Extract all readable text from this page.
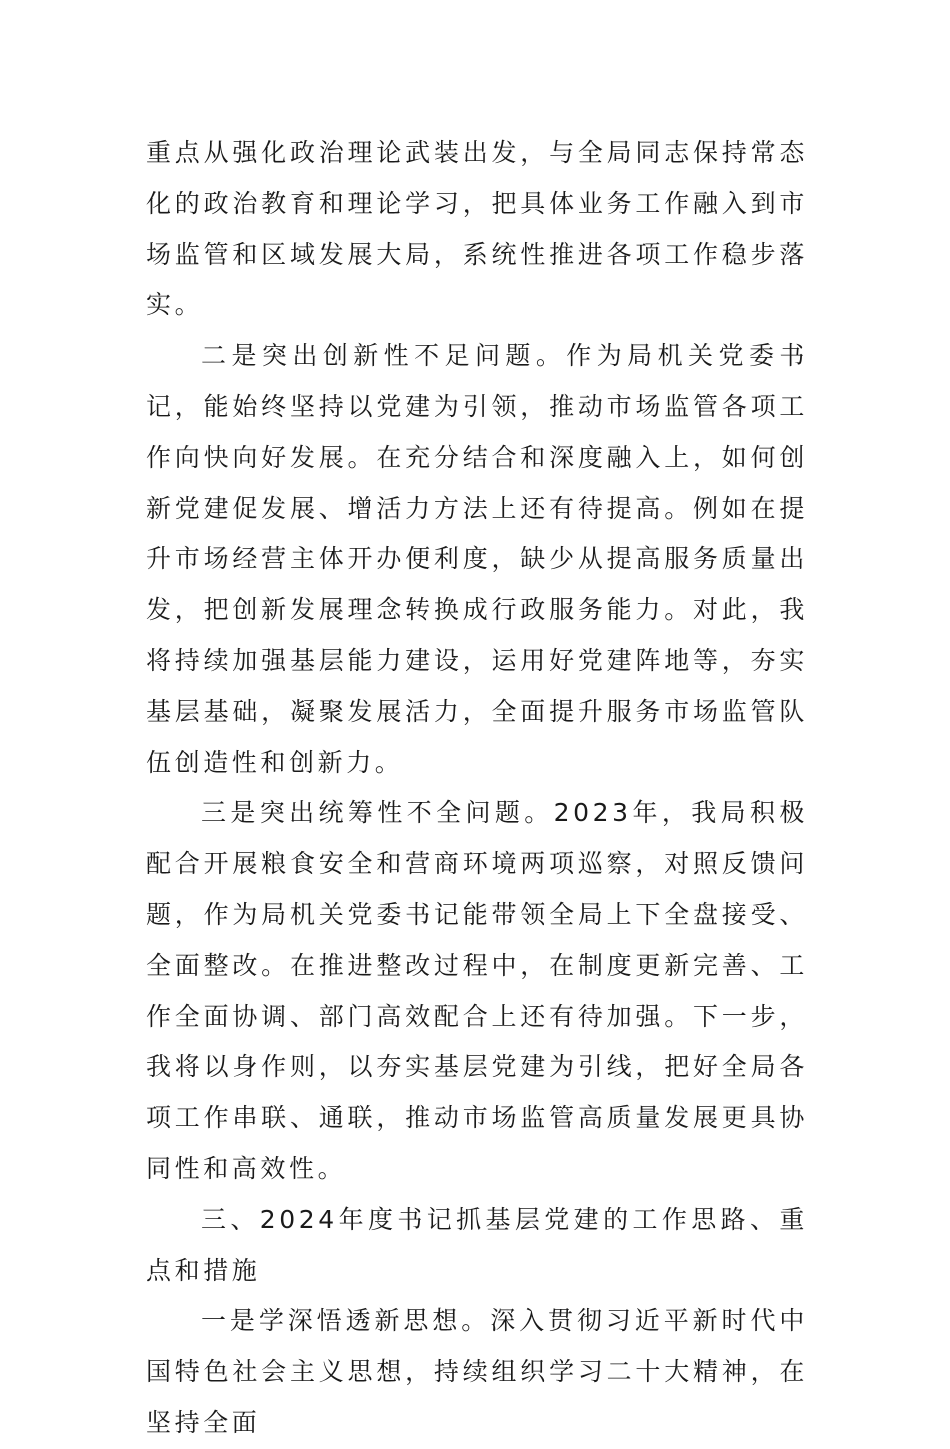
重点从强化政治理论武装出发，与全局同志保持常态化的政治教育和理论学习，把具体业务工作融入到市场监管和区域发展大局，系统性推进各项工作稳步落实。

二是突出创新性不足问题。作为局机关党委书记，能始终坚持以党建为引领，推动市场监管各项工作向快向好发展。在充分结合和深度融入上，如何创新党建促发展、增活力方法上还有待提高。例如在提升市场经营主体开办便利度，缺少从提高服务质量出发，把创新发展理念转换成行政服务能力。对此，我将持续加强基层能力建设，运用好党建阵地等，夯实基层基础，凝聚发展活力，全面提升服务市场监管队伍创造性和创新力。

三是突出统筹性不全问题。2023年，我局积极配合开展粮食安全和营商环境两项巡察，对照反馈问题，作为局机关党委书记能带领全局上下全盘接受、全面整改。在推进整改过程中，在制度更新完善、工作全面协调、部门高效配合上还有待加强。下一步，我将以身作则，以夯实基层党建为引线，把好全局各项工作串联、通联，推动市场监管高质量发展更具协同性和高效性。

三、2024年度书记抓基层党建的工作思路、重点和措施

一是学深悟透新思想。深入贯彻习近平新时代中国特色社会主义思想，持续组织学习二十大精神，在坚持全面
